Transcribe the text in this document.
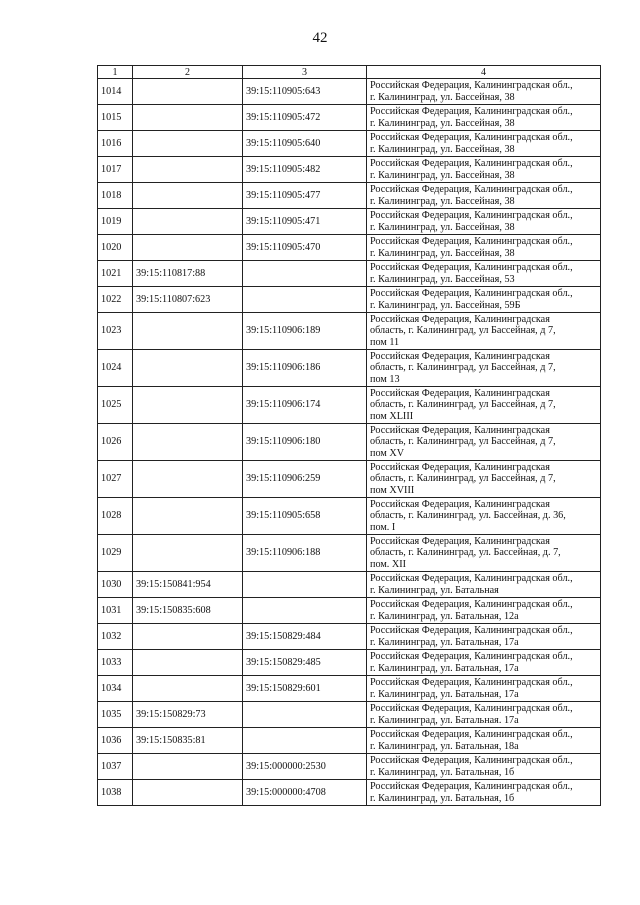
42
1	2	3	4
1014		39:15:110905:643	Российская Федерация, Калининградская обл.,
г. Калининград, ул. Бассейная, 38

1015		39:15:110905:472	Российская Федерация, Калининградская обл.,
г. Калининград, ул. Бассейная, 38

1016		39:15:110905:640	Российская Федерация, Калининградская обл.,
г. Калининград, ул. Бассейная, 38

1017		39:15:110905:482	Российская Федерация, Калининградская обл.,
г. Калининград, ул. Бассейная, 38

1018		39:15:110905:477	Российская Федерация, Калининградская обл.,
г. Калининград, ул. Бассейная, 38

1019		39:15:110905:471	Российская Федерация, Калининградская обл.,
г. Калининград, ул. Бассейная, 38

1020		39:15:110905:470	Российская Федерация, Калининградская обл.,
г. Калининград, ул. Бассейная, 38

1021	39:15:110817:88		Российская Федерация, Калининградская обл.,
г. Калининград, ул. Бассейная, 53

1022	39:15:110807:623		Российская Федерация, Калининградская обл.,
г. Калининград, ул. Бассейная, 59Б

1023		39:15:110906:189	Российская Федерация, Калининградская
область, г. Калининград, ул Бассейная, д 7,
пом 11

1024		39:15:110906:186	Российская Федерация, Калининградская
область, г. Калининград, ул Бассейная, д 7,
пом 13

1025		39:15:110906:174	Российская Федерация, Калининградская
область, г. Калининград, ул Бассейная, д 7,
пом XLIII

1026		39:15:110906:180	Российская Федерация, Калининградская
область, г. Калининград, ул Бассейная, д 7,
пом XV

1027		39:15:110906:259	Российская Федерация, Калининградская
область, г. Калининград, ул Бассейная, д 7,
пом XVIII

1028		39:15:110905:658	Российская Федерация, Калининградская
область, г. Калининград, ул. Бассейная, д. 36,
пом. I

1029		39:15:110906:188	Российская Федерация, Калининградская
область, г. Калининград, ул. Бассейная, д. 7,
пом. XII

1030	39:15:150841:954		Российская Федерация, Калининградская обл.,
г. Калининград, ул. Батальная

1031	39:15:150835:608		Российская Федерация, Калининградская обл.,
г. Калининград, ул. Батальная, 12а

1032		39:15:150829:484	Российская Федерация, Калининградская обл.,
г. Калининград, ул. Батальная, 17а

1033		39:15:150829:485	Российская Федерация, Калининградская обл.,
г. Калининград, ул. Батальная, 17а

1034		39:15:150829:601	Российская Федерация, Калининградская обл.,
г. Калининград, ул. Батальная, 17а

1035	39:15:150829:73		Российская Федерация, Калининградская обл.,
г. Калининград, ул. Батальная. 17а

1036	39:15:150835:81		Российская Федерация, Калининградская обл.,
г. Калининград, ул. Батальная, 18а

1037		39:15:000000:2530	Российская Федерация, Калининградская обл.,
г. Калининград, ул. Батальная, 1б

1038		39:15:000000:4708	Российская Федерация, Калининградская обл.,
г. Калининград, ул. Батальная, 1б
